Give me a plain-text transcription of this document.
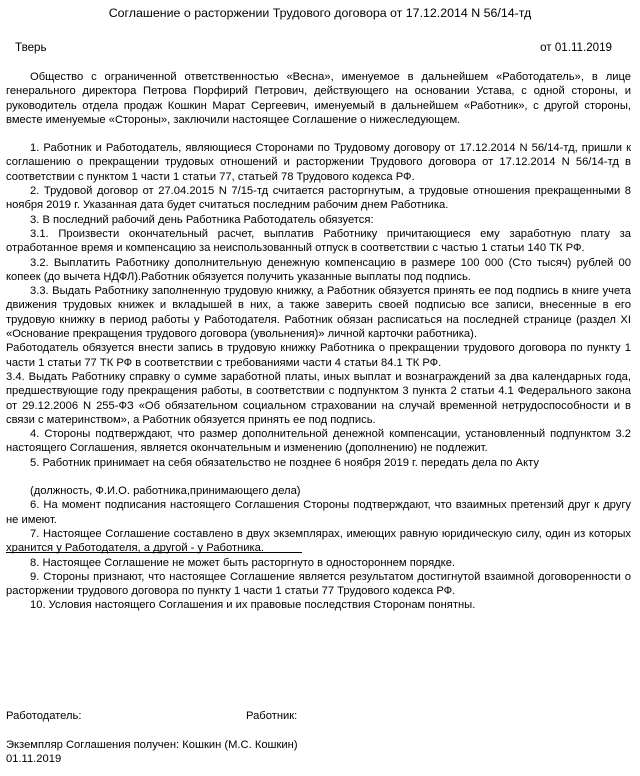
Соглашение о расторжении Трудового договора от 17.12.2014 N 56/14-тд
Тверь	от 01.11.2019

Общество с ограниченной ответственностью «Весна», именуемое в дальнейшем «Работодатель», в лице генерального директора Петрова Порфирий Петрович, действующего на основании Устава, с одной стороны, и руководитель отдела продаж Кошкин Марат Сергеевич, именуемый в дальнейшем «Работник», с другой стороны, вместе именуемые «Стороны», заключили настоящее Соглашение о нижеследующем.

1. Работник и Работодатель, являющиеся Сторонами по Трудовому договору от 17.12.2014 N 56/14-тд, пришли к соглашению о прекращении трудовых отношений и расторжении Трудового договора от 17.12.2014 N 56/14-тд в соответствии с пунктом 1 части 1 статьи 77, статьей 78 Трудового кодекса РФ.

2. Трудовой договор от 27.04.2015 N 7/15-тд считается расторгнутым, а трудовые отношения прекращенными 8 ноября 2019 г. Указанная дата будет считаться последним рабочим днем Работника.

3. В последний рабочий день Работника Работодатель обязуется:

3.1. Произвести окончательный расчет, выплатив Работнику причитающиеся ему заработную плату за отработанное время и компенсацию за неиспользованный отпуск в соответствии с частью 1 статьи 140 ТК РФ.

3.2. Выплатить Работнику дополнительную денежную компенсацию в размере 100 000 (Сто тысяч) рублей 00 копеек (до вычета НДФЛ).Работник обязуется получить указанные выплаты под подпись.

3.3. Выдать Работнику заполненную трудовую книжку, а Работник обязуется принять ее под подпись в книге учета движения трудовых книжек и вкладышей в них, а также заверить своей подписью все записи, внесенные в его трудовую книжку в период работы у Работодателя. Работник обязан расписаться на последней странице (раздел XI «Основание прекращения трудового договора (увольнения)» личной карточки работника).

Работодатель обязуется внести запись в трудовую книжку Работника о прекращении трудового договора по пункту 1 части 1 статьи 77 ТК РФ в соответствии с требованиями части 4 статьи 84.1 ТК РФ.

3.4. Выдать Работнику справку о сумме заработной платы, иных выплат и вознаграждений за два календарных года, предшествующие году прекращения работы, в соответствии с подпунктом 3 пункта 2 статьи 4.1 Федерального закона от 29.12.2006 N 255-ФЗ «Об обязательном социальном страховании на случай временной нетрудоспособности и в связи с материнством», а Работник обязуется принять ее под подпись.

4. Стороны подтверждают, что размер дополнительной денежной компенсации, установленный подпунктом 3.2 настоящего Соглашения, является окончательным и изменению (дополнению) не подлежит.

5. Работник принимает на себя обязательство не позднее 6 ноября 2019 г. передать дела по Акту

(должность, Ф.И.О. работника,принимающего дела)

6. На момент подписания настоящего Соглашения Стороны подтверждают, что взаимных претензий друг к другу не имеют.

7. Настоящее Соглашение составлено в двух экземплярах, имеющих равную юридическую силу, один из которых хранится у Работодателя, а другой - у Работника.

8. Настоящее Соглашение не может быть расторгнуто в одностороннем порядке.

9. Стороны признают, что настоящее Соглашение является результатом достигнутой взаимной договоренности о расторжении трудового договора по пункту 1 части 1 статьи 77 Трудового кодекса РФ.

10. Условия настоящего Соглашения и их правовые последствия Сторонам понятны.

Работодатель:	Работник:
Экземпляр Соглашения получен: Кошкин (М.С. Кошкин)
01.11.2019
